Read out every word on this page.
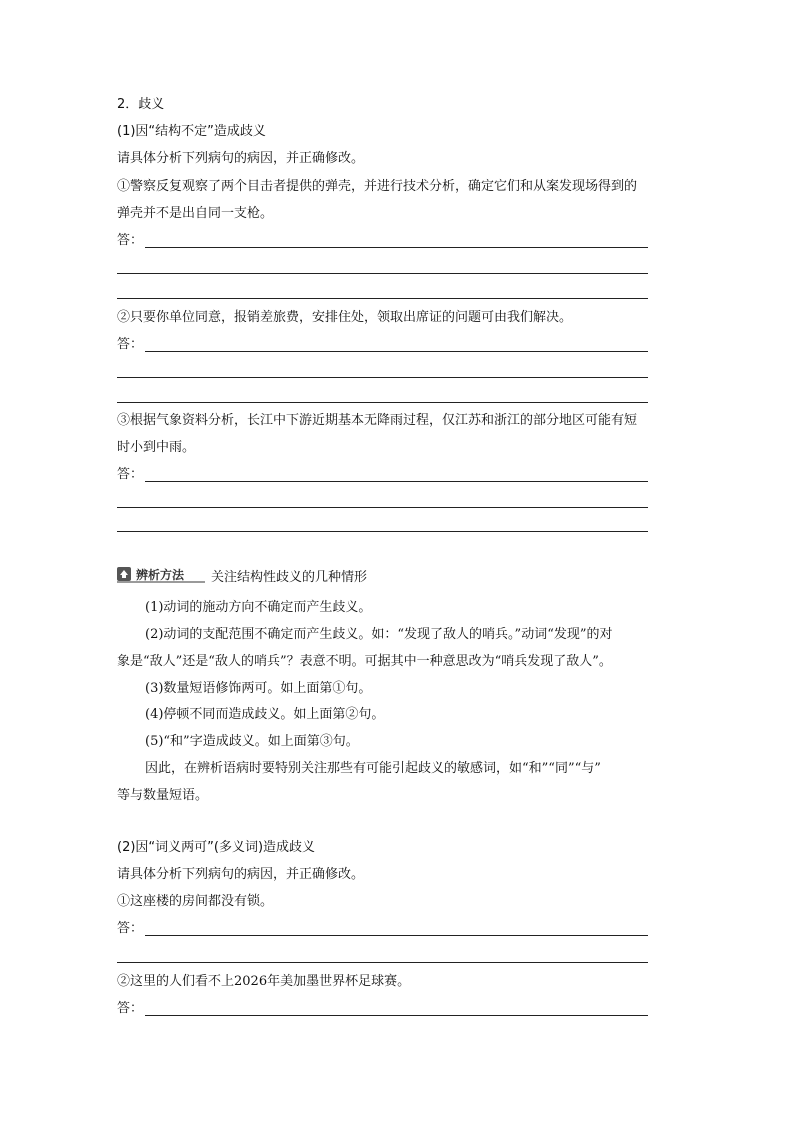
2．歧义
(1)因“结构不定”造成歧义
请具体分析下列病句的病因，并正确修改。
①警察反复观察了两个目击者提供的弹壳，并进行技术分析，确定它们和从案发现场得到的
弹壳并不是出自同一支枪。
答：
②只要你单位同意，报销差旅费，安排住处，领取出席证的问题可由我们解决。
答：
③根据气象资料分析，长江中下游近期基本无降雨过程，仅江苏和浙江的部分地区可能有短
时小到中雨。
答：
辨析方法 关注结构性歧义的几种情形
(1)动词的施动方向不确定而产生歧义。
(2)动词的支配范围不确定而产生歧义。如：“发现了敌人的哨兵。”动词“发现”的对
象是“敌人”还是“敌人的哨兵”？表意不明。可据其中一种意思改为“哨兵发现了敌人”。
(3)数量短语修饰两可。如上面第①句。
(4)停顿不同而造成歧义。如上面第②句。
(5)“和”字造成歧义。如上面第③句。
因此，在辨析语病时要特别关注那些有可能引起歧义的敏感词，如“和”“同”“与”
等与数量短语。
(2)因“词义两可”(多义词)造成歧义
请具体分析下列病句的病因，并正确修改。
①这座楼的房间都没有锁。
答：
②这里的人们看不上2026年美加墨世界杯足球赛。
答：
